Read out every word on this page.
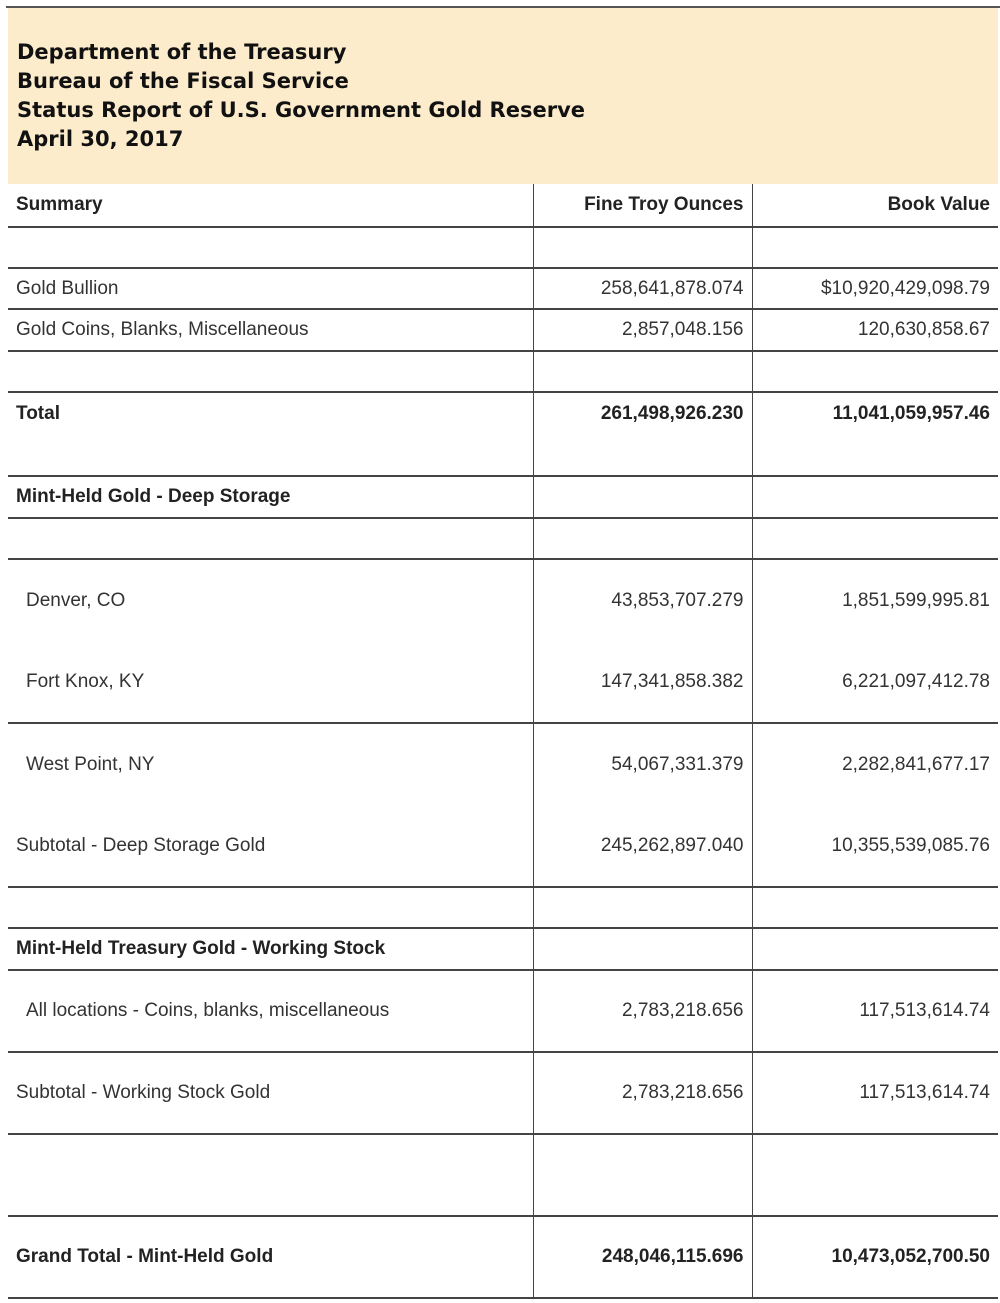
Department of the Treasury
Bureau of the Fiscal Service
Status Report of U.S. Government Gold Reserve
April 30, 2017
Summary	Fine Troy Ounces	Book Value

Gold Bullion	258,641,878.074	$10,920,429,098.79
Gold Coins, Blanks, Miscellaneous	2,857,048.156	120,630,858.67

Total	261,498,926.230	11,041,059,957.46

Mint-Held Gold - Deep Storage		

Denver, CO	43,853,707.279	1,851,599,995.81
Fort Knox, KY	147,341,858.382	6,221,097,412.78
West Point, NY	54,067,331.379	2,282,841,677.17
Subtotal - Deep Storage Gold	245,262,897.040	10,355,539,085.76

Mint-Held Treasury Gold - Working Stock		
All locations - Coins, blanks, miscellaneous	2,783,218.656	117,513,614.74
Subtotal - Working Stock Gold	2,783,218.656	117,513,614.74

Grand Total - Mint-Held Gold	248,046,115.696	10,473,052,700.50
